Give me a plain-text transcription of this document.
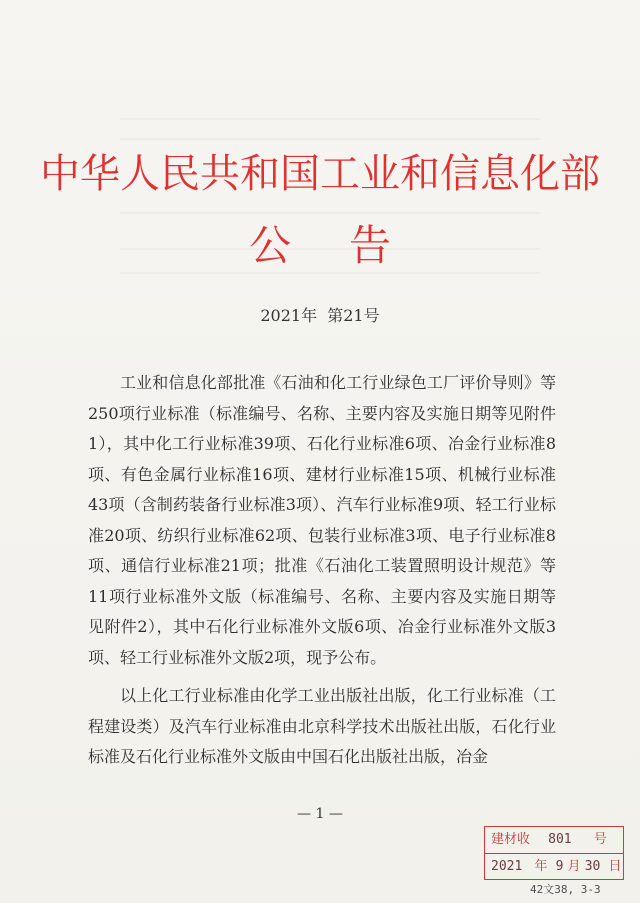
中华人民共和国工业和信息化部
公 告
2021年  第21号

工业和信息化部批准《石油和化工行业绿色工厂评价导则》等250项行业标准（标准编号、名称、主要内容及实施日期等见附件1），其中化工行业标准39项、石化行业标准6项、冶金行业标准8项、有色金属行业标准16项、建材行业标准15项、机械行业标准43项（含制药装备行业标准3项）、汽车行业标准9项、轻工行业标准20项、纺织行业标准62项、包装行业标准3项、电子行业标准8项、通信行业标准21项；批准《石油化工装置照明设计规范》等11项行业标准外文版（标准编号、名称、主要内容及实施日期等见附件2），其中石化行业标准外文版6项、冶金行业标准外文版3项、轻工行业标准外文版2项，现予公布。

以上化工行业标准由化学工业出版社出版，化工行业标准（工程建设类）及汽车行业标准由北京科学技术出版社出版，石化行业标准及石化行业标准外文版由中国石化出版社出版，冶金

— 1 —
建材收 801 号
2021 年 9 月 30 日
42文38, 3-3
